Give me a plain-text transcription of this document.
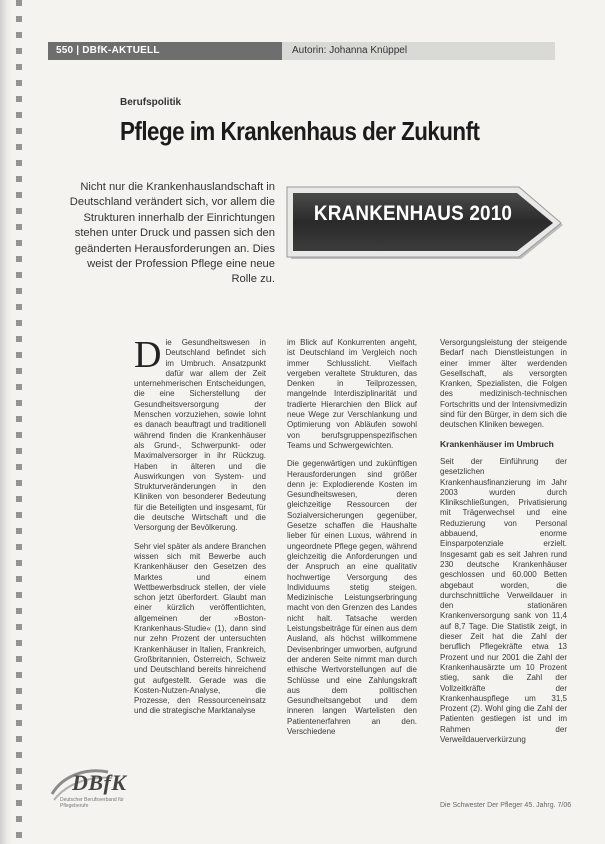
550 | DBfK-AKTUELL	Autorin: Johanna Knüppel
Berufspolitik
Pflege im Krankenhaus der Zukunft
Nicht nur die Krankenhauslandschaft in Deutschland verändert sich, vor allem die Strukturen innerhalb der Einrichtungen stehen unter Druck und passen sich den geänderten Herausforderungen an. Dies weist der Profession Pflege eine neue Rolle zu.
KRANKENHAUS 2010
D ie Gesundheitswesen in Deutschland befindet sich im Umbruch. Ansatzpunkt dafür war allem der Zeit unternehmerischen Entscheidungen, die eine Sicherstellung der Gesundheitsversorgung der Menschen vorzuziehen, sowie lohnt es danach beauftragt und traditionell während finden die Krankenhäuser als Grund-, Schwerpunkt- oder Maximalversorger in ihr Rückzug. Haben in älteren und die Auswirkungen von System- und Strukturveränderungen in den Kliniken von besonderer Bedeutung für die Beteiligten und insgesamt, für die deutsche Wirtschaft und die Versorgung der Bevölkerung.

Sehr viel später als andere Branchen wissen sich mit Bewerbe auch Krankenhäuser den Gesetzen des Marktes und einem Wettbewerbsdruck stellen, der viele schon jetzt überfordert. Glaubt man einer kürzlich veröffentlichten, allgemeinen der »Boston-Krankenhaus-Studie« (1), dann sind nur zehn Prozent der untersuchten Krankenhäuser in Italien, Frankreich, Großbritannien, Österreich, Schweiz und Deutschland bereits hinreichend gut aufgestellt. Gerade was die Kosten-Nutzen-Analyse, die Prozesse, den Ressourceneinsatz und die strategische Marktanalyse

im Blick auf Konkurrenten angeht, ist Deutschland im Vergleich noch immer Schlusslicht. Vielfach vergeben veraltete Strukturen, das Denken in Teilprozessen, mangelnde Interdisziplinarität und tradierte Hierarchien den Blick auf neue Wege zur Verschlankung und Optimierung von Abläufen sowohl von berufsgruppenspezifischen Teams und Schwergewichten.

Die gegenwärtigen und zukünftigen Herausforderungen sind größer denn je: Explodierende Kosten im Gesundheitswesen, deren gleichzeitige Ressourcen der Sozialversicherungen gegenüber, Gesetze schaffen die Haushalte lieber für einen Luxus, während in ungeordnete Pflege gegen, während gleichzeitig die Anforderungen und der Anspruch an eine qualitativ hochwertige Versorgung des Individuums stetig steigen. Medizinische Leistungserbringung macht von den Grenzen des Landes nicht halt. Tatsache werden Leistungsbeiträge für einen aus dem Ausland, als höchst willkommene Devisenbringer umworben, aufgrund der anderen Seite nimmt man durch ethische Wertvorstellungen auf die Schlüsse und eine Zahlungskraft aus dem politischen Gesundheitsangebot und dem inneren langen Wartelisten den Patientenerfahren an den. Verschiedene

Versorgungsleistung der steigende Bedarf nach Dienstleistungen in einer immer älter werdenden Gesellschaft, als versorgten Kranken, Spezialisten, die Folgen des medizinisch-technischen Fortschritts und der Intensivmedizin sind für den Bürger, in dem sich die deutschen Kliniken bewegen.

Krankenhäuser im Umbruch

Seit der Einführung der gesetzlichen Krankenhausfinanzierung im Jahr 2003 wurden durch Klinikschließungen, Privatisierung mit Trägerwechsel und eine Reduzierung von Personal abbauend, enorme Einsparpotenziale erzielt. Insgesamt gab es seit Jahren rund 230 deutsche Krankenhäuser geschlossen und 60.000 Betten abgebaut worden, die durchschnittliche Verweildauer in den stationären Krankenversorgung sank von 11,4 auf 8,7 Tage. Die Statistik zeigt, in dieser Zeit hat die Zahl der beruflich Pflegekräfte etwa 13 Prozent und nur 2001 die Zahl der Krankenhausärzte um 10 Prozent stieg, sank die Zahl der Vollzeitkräfte der Krankenhauspflege um 31,5 Prozent (2). Wohl ging die Zahl der Patienten gestiegen ist und im Rahmen der Verweildauerverkürzung

DBfK
Deutscher Berufsverband für Pflegeberufe	Die Schwester Der Pfleger 45. Jahrg. 7/06
